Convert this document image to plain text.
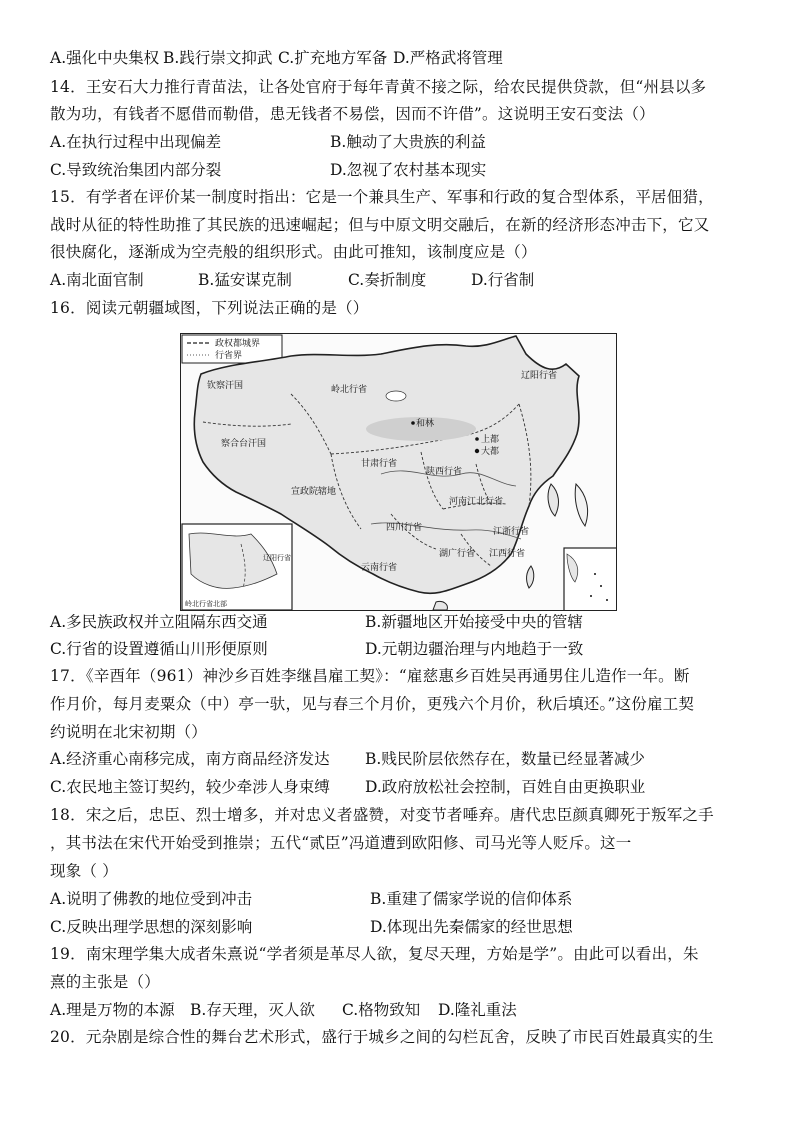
A.强化中央集权 B.践行崇文抑武 C.扩充地方军备 D.严格武将管理
14．王安石大力推行青苗法，让各处官府于每年青黄不接之际，给农民提供贷款，但“州县以多
散为功，有钱者不愿借而勒借，患无钱者不易偿，因而不许借”。这说明王安石变法（）
A.在执行过程中出现偏差	B.触动了大贵族的利益
C.导致统治集团内部分裂	D.忽视了农村基本现实
15．有学者在评价某一制度时指出：它是一个兼具生产、军事和行政的复合型体系，平居佃猎，
战时从征的特性助推了其民族的迅速崛起；但与中原文明交融后，在新的经济形态冲击下，它又
很快腐化，逐渐成为空壳般的组织形式。由此可推知，该制度应是（）
A.南北面官制	B.猛安谋克制	C.奏折制度	D.行省制
16．阅读元朝疆域图，下列说法正确的是（）
政权都城界
行省界
钦察汗国	岭北行省
辽阳行省
察合台汗国
和林
上都
大都
甘肃行省
陕西行省
河南江北行省
宣政院辖地
四川行省	江浙行省
湖广行省 江西行省
云南行省
辽阳行省
岭北行省北部
A.多民族政权并立阻隔东西交通	B.新疆地区开始接受中央的管辖
C.行省的设置遵循山川形便原则	D.元朝边疆治理与内地趋于一致
17．《辛酉年（961）神沙乡百姓李继昌雇工契》：“雇慈惠乡百姓吴再通男住儿造作一年。断
作月价，每月麦粟众（中）亭一驮，见与春三个月价，更残六个月价，秋后填还。”这份雇工契
约说明在北宋初期（）
A.经济重心南移完成，南方商品经济发达 B.贱民阶层依然存在，数量已经显著减少
C.农民地主签订契约，较少牵涉人身束缚 D.政府放松社会控制，百姓自由更换职业
18．宋之后，忠臣、烈士增多，并对忠义者盛赞，对变节者唾弃。唐代忠臣颜真卿死于叛军之手
，其书法在宋代开始受到推崇；五代“贰臣”冯道遭到欧阳修、司马光等人贬斥。这一
现象（ ）
A.说明了佛教的地位受到冲击	B.重建了儒家学说的信仰体系
C.反映出理学思想的深刻影响	D.体现出先秦儒家的经世思想
19．南宋理学集大成者朱熹说“学者须是革尽人欲，复尽天理，方始是学”。由此可以看出，朱
熹的主张是（）
A.理是万物的本源 B.存天理，灭人欲 C.格物致知 D.隆礼重法
20．元杂剧是综合性的舞台艺术形式，盛行于城乡之间的勾栏瓦舍，反映了市民百姓最真实的生
